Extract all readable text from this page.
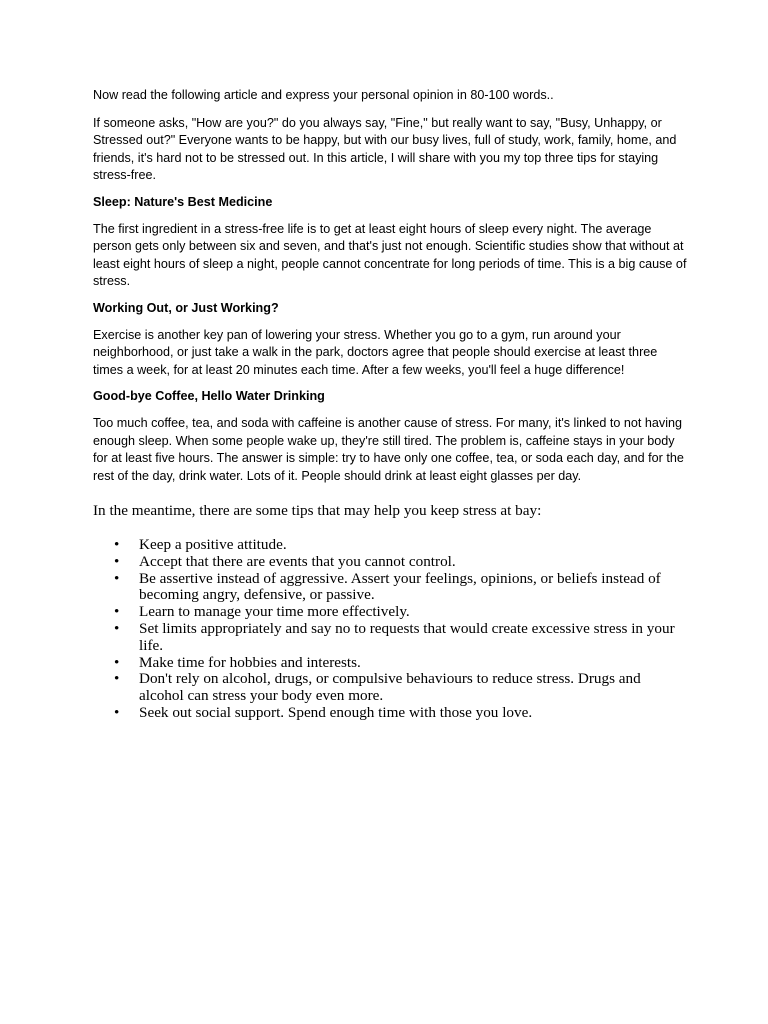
Now read the following article and express your personal opinion in 80-100 words..

If someone asks, "How are you?" do you always say, "Fine," but really want to say, "Busy, Unhappy, or Stressed out?" Everyone wants to be happy, but with our busy lives, full of study, work, family, home, and friends, it's hard not to be stressed out. In this article, I will share with you my top three tips for staying stress-free.

Sleep: Nature's Best Medicine

The first ingredient in a stress-free life is to get at least eight hours of sleep every night. The average person gets only between six and seven, and that's just not enough. Scientific studies show that without at least eight hours of sleep a night, people cannot concentrate for long periods of time. This is a big cause of stress.

Working Out, or Just Working?

Exercise is another key pan of lowering your stress. Whether you go to a gym, run around your neighborhood, or just take a walk in the park, doctors agree that people should exercise at least three times a week, for at least 20 minutes each time. After a few weeks, you'll feel a huge difference!

Good-bye Coffee, Hello Water Drinking

Too much coffee, tea, and soda with caffeine is another cause of stress. For many, it's linked to not having enough sleep. When some people wake up, they're still tired. The problem is, caffeine stays in your body for at least five hours. The answer is simple: try to have only one coffee, tea, or soda each day, and for the rest of the day, drink water. Lots of it. People should drink at least eight glasses per day.

In the meantime, there are some tips that may help you keep stress at bay:

• Keep a positive attitude.
• Accept that there are events that you cannot control.
• Be assertive instead of aggressive. Assert your feelings, opinions, or beliefs instead of becoming angry, defensive, or passive.
• Learn to manage your time more effectively.
• Set limits appropriately and say no to requests that would create excessive stress in your life.
• Make time for hobbies and interests.
• Don't rely on alcohol, drugs, or compulsive behaviours to reduce stress. Drugs and alcohol can stress your body even more.
• Seek out social support. Spend enough time with those you love.
